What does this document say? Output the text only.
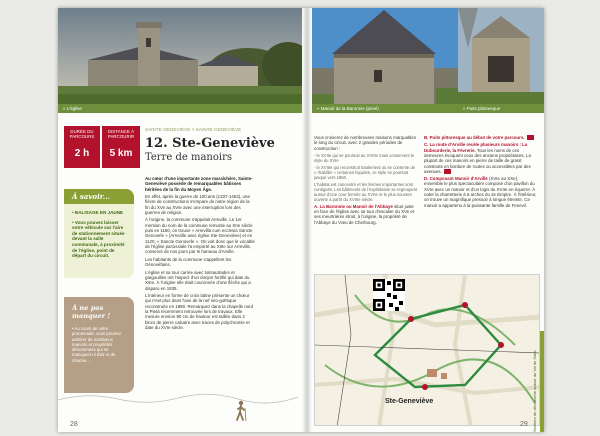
« L'église
DURÉE DU PARCOURS
2 h
DISTANCE À PARCOURIR
5 km
SAINTE-GENEVIÈVE > SAINTE-GENEVIÈVE
12. Ste-Geneviève
Terre de manoirs

Au cœur d'une importante zone maraîchère, Sainte-Geneviève possède de remarquables bâtisses héritées de la fin du Moyen Âge.

En effet, après la guerre de 100 ans (1337-1453), une fièvre de constructions s'empare de notre région de la fin du XVe au XVIe avec une interruption lors des guerres de religion.

À l'origine, la commune s'appelait Arreville. Le 1er mention du nom de la commune remonte au XIIe siècle puis en 1180, on trouve « Arrevilla cum ecclesia Sancte Genovefe » (Arreville avec église Ste-Geneviève) et en 1120, « Sancte Genovefe ». On voit donc que le vocable de l'église paroissiale l'a emporté au XIIIe sur Arreville, conservé de nos jours par le hameau d'Arville.

Les habitants de la commune s'appellent les Génovéfains.

L'église et sa tour carrée avec toitsautrades et gargouilles ont l'aspect d'un donjon fortifié qui date du XIIIe. À l'origine elle était couronnée d'une flèche qui a disparu en 1935.

L'intérieur en forme de croix latine présente un chœur qui n'est plus dans l'axe de la nef néo-gothique reconstruite en 1880. Remarquez dans la chapelle nord la Pietà récemment retrouvée lors de travaux. Elle mesure environ 90 cm de hauteur est taillée dans 2 blocs de pierre calcaire avec traces de polychromie et date du XVIe siècle.

À savoir...
• BALISAGE EN JAUNE
• Vous pouvez laisser votre véhicule sur l'aire de stationnement située devant la salle communale, à proximité de l'église, point de départ du circuit.
À ne pas manquer !
• Au cours de votre promenade, vous pourrez admirer de nombreux manoirs et propriétés dénommées qui ne manquent ni d'air ni de charme...
28
« Manoir de la Baronnie (privé)	« Puits pittoresque

Vous croiserez de nombreuses maisons marquables le long du circuit, avec 2 grandes périodes de construction :

- le XVIIe qui se poursuit au XVIIIe mais conservent le style du XVIe

- le XVIIIe qui reconstruit totalement ou se contente de « rhabiller » certaines façades, ce style se poursuit jusque vers 1860.

L'habitat est concentré et les fermes importantes sont contiguës. Les bâtiments de l'exploitation se regroupent autour d'une cour fermée au XVIIe et le plus souvent ouverte à partir du XVIIIe siècle.

A. La Baronnie ou Manoir de l'Abbaye situé juste en face de l'église avec sa tour d'escalier du XVe et ses meurtrières étroit, à l'origine, la propriété de l'Abbaye du Vœu de Cherbourg.

B. Puits pittoresque au début de votre parcours.

C. La route d'Arville recèle plusieurs manoirs : La Dubourderie, la Févrerie. Tous les noms de ces demeures évoquent ceux des anciens propriétaires. La plupart de ces manoirs en pierre de taille de granit construits en bordure de routes ou accessibles par des avenues.

D. Composant Manoir d'Arville (XVIe au XXe), ensemble le plus spectaculaire composé d'un pavillon du XVIe avec un manoir et d'un logis du XVIIe en équerre. À noter la charretterie à 6 arches du 2e Empire. À l'intérieur, on trouve un magnifique pressoir à longue étreinte. Ce manoir a appartenu à la puissante famille de Fenevil.

Ste-Geneviève	Sentiers de découverte autour du Val de Saire
29
